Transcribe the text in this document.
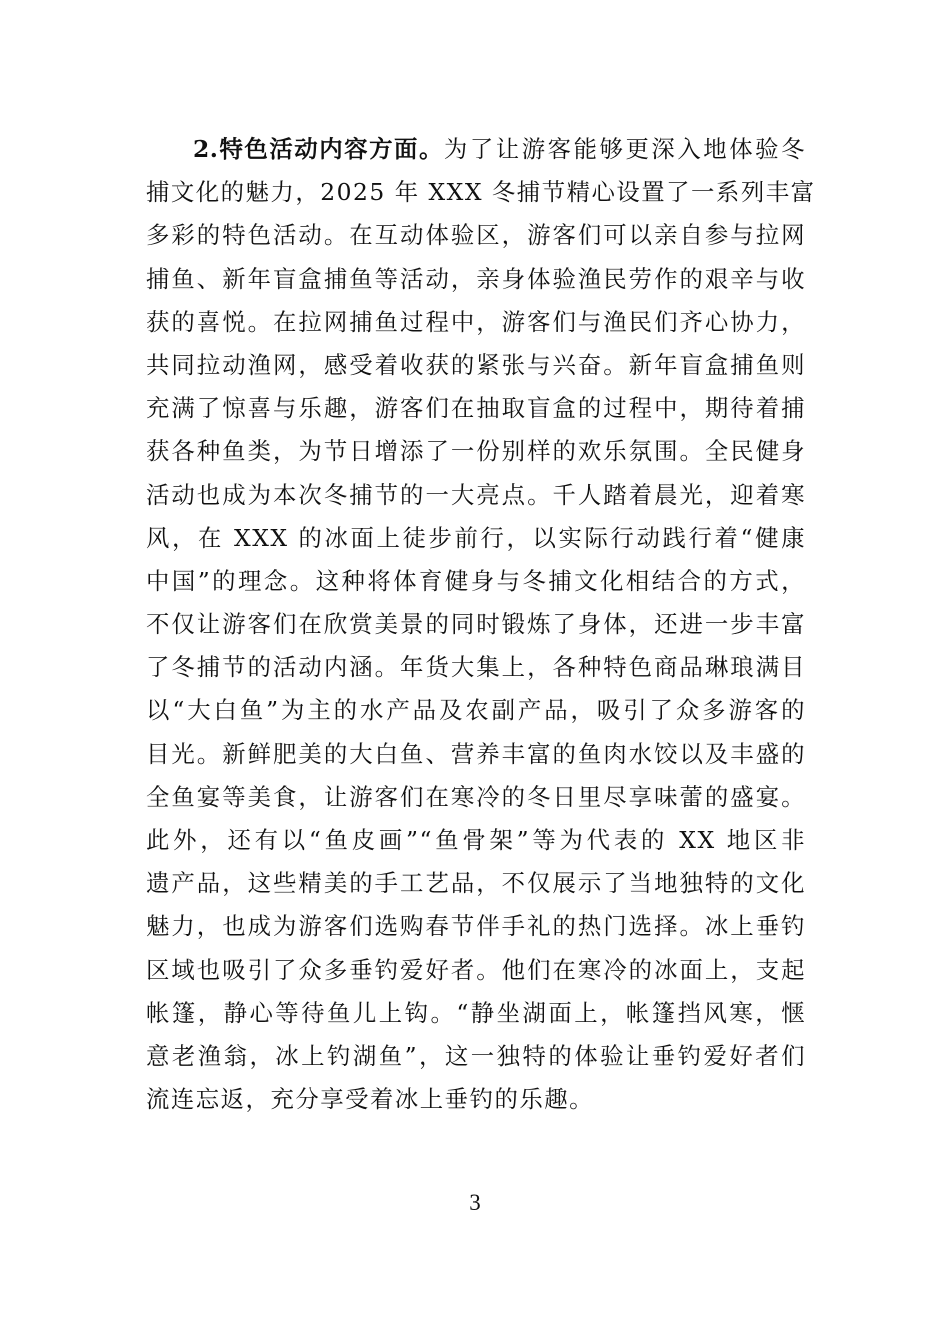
2.特色活动内容方面。为了让游客能够更深入地体验冬
捕文化的魅力，2025 年 XXX 冬捕节精心设置了一系列丰富
多彩的特色活动。在互动体验区，游客们可以亲自参与拉网
捕鱼、新年盲盒捕鱼等活动，亲身体验渔民劳作的艰辛与收
获的喜悦。在拉网捕鱼过程中，游客们与渔民们齐心协力，
共同拉动渔网，感受着收获的紧张与兴奋。新年盲盒捕鱼则
充满了惊喜与乐趣，游客们在抽取盲盒的过程中，期待着捕
获各种鱼类，为节日增添了一份别样的欢乐氛围。全民健身
活动也成为本次冬捕节的一大亮点。千人踏着晨光，迎着寒
风，在 XXX 的冰面上徒步前行，以实际行动践行着“健康
中国”的理念。这种将体育健身与冬捕文化相结合的方式，
不仅让游客们在欣赏美景的同时锻炼了身体，还进一步丰富
了冬捕节的活动内涵。年货大集上，各种特色商品琳琅满目
以“大白鱼”为主的水产品及农副产品，吸引了众多游客的
目光。新鲜肥美的大白鱼、营养丰富的鱼肉水饺以及丰盛的
全鱼宴等美食，让游客们在寒冷的冬日里尽享味蕾的盛宴。
此外，还有以“鱼皮画”“鱼骨架”等为代表的 XX 地区非
遗产品，这些精美的手工艺品，不仅展示了当地独特的文化
魅力，也成为游客们选购春节伴手礼的热门选择。冰上垂钓
区域也吸引了众多垂钓爱好者。他们在寒冷的冰面上，支起
帐篷，静心等待鱼儿上钩。“静坐湖面上，帐篷挡风寒，惬
意老渔翁，冰上钓湖鱼”，这一独特的体验让垂钓爱好者们
流连忘返，充分享受着冰上垂钓的乐趣。
3
